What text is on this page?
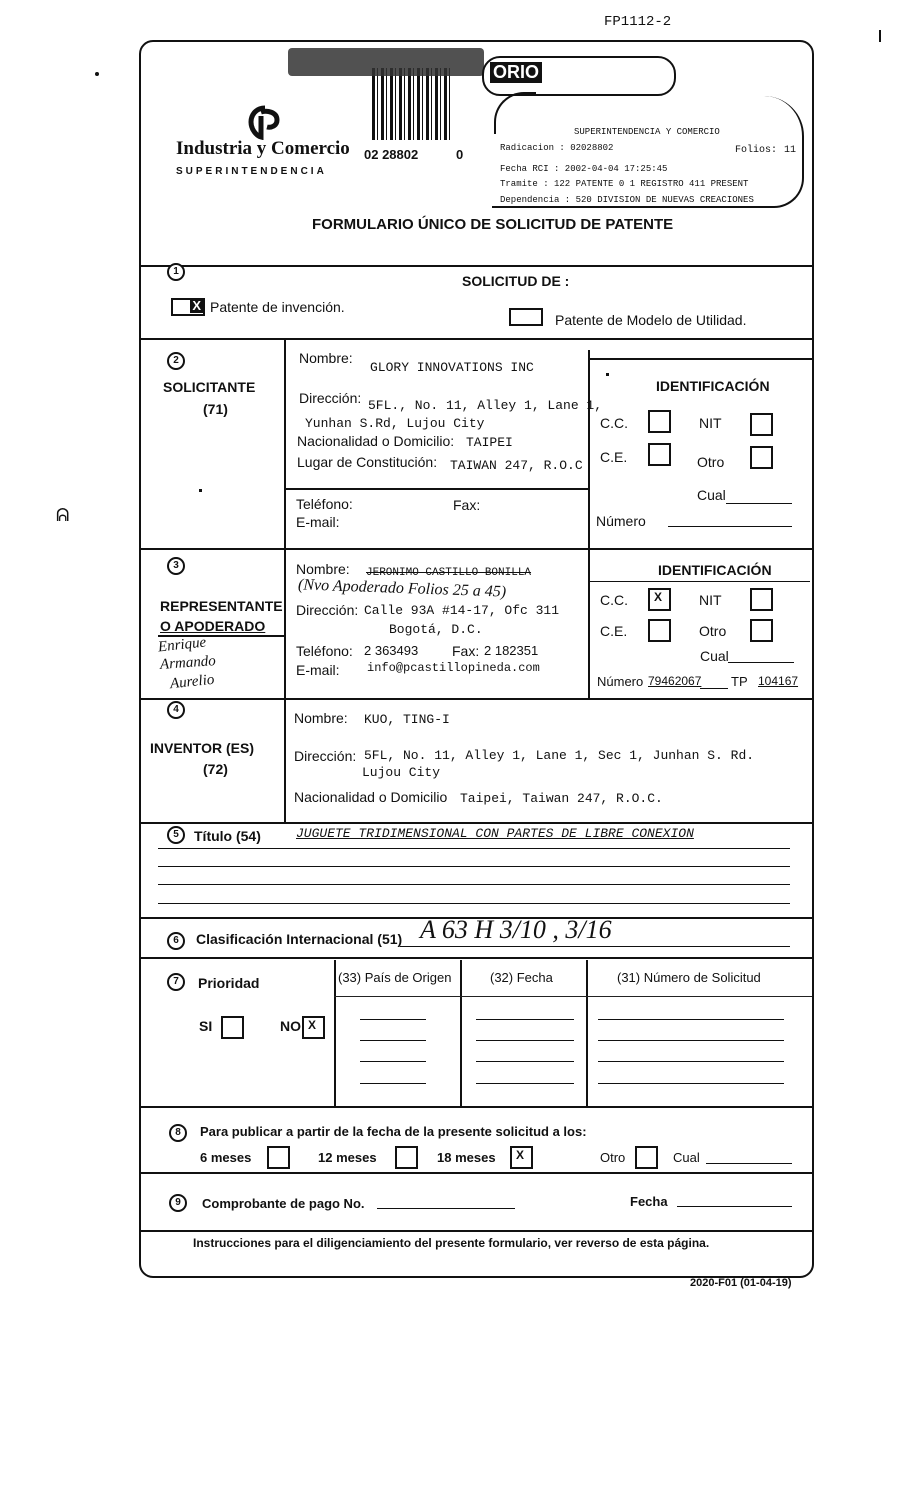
FP1112-2
ᕱ
Industria y Comercio
SUPERINTENDENCIA
02 28802	0
ORIO
SUPERINTENDENCIA Y COMERCIO
Radicacion : 02028802
Fecha RCI : 2002-04-04 17:25:45
Tramite : 122 PATENTE 0 1 REGISTRO 411 PRESENT
Dependencia : 520 DIVISION DE NUEVAS CREACIONES
Folios: 11
FORMULARIO ÚNICO DE SOLICITUD DE PATENTE
1
SOLICITUD DE :
X Patente de invención.
Patente de Modelo de Utilidad.
2
SOLICITANTE
(71)
Nombre:
GLORY INNOVATIONS INC
Dirección: 5FL., No. 11, Alley 1, Lane 1,
Yunhan S.Rd, Lujou City
Nacionalidad o Domicilio: TAIPEI
Lugar de Constitución: TAIWAN 247, R.O.C
Teléfono:	Fax:
E-mail:
IDENTIFICACIÓN
C.C.	NIT
C.E.	Otro
Cual
Número
3
REPRESENTANTE
O APODERADO
Enrique
Armando
Aurelio
Nombre: JERONIMO CASTILLO BONILLA
(Nvo Apoderado Folios 25 a 45)
Dirección: Calle 93A #14-17, Ofc 311
Bogotá, D.C.
Teléfono: 2 363493 Fax: 2 182351
E-mail: info@pcastillopineda.com
IDENTIFICACIÓN
C.C. X	NIT
C.E.	Otro
Cual
Número 79462067 TP 104167
4
INVENTOR (ES)
(72)
Nombre: KUO, TING-I
Dirección: 5FL, No. 11, Alley 1, Lane 1, Sec 1, Junhan S. Rd.
Lujou City
Nacionalidad o Domicilio Taipei, Taiwan 247, R.O.C.
5	Título (54)	JUGUETE TRIDIMENSIONAL CON PARTES DE LIBRE CONEXION
6	Clasificación Internacional (51) A 63 H 3/10 , 3/16
7	Prioridad
SI	NO X
(33) País de Origen	(32) Fecha	(31) Número de Solicitud
8	Para publicar a partir de la fecha de la presente solicitud a los:
6 meses	12 meses	18 meses X	Otro	Cual
9	Comprobante de pago No.	Fecha
Instrucciones para el diligenciamiento del presente formulario, ver reverso de esta página.
2020-F01 (01-04-19)
